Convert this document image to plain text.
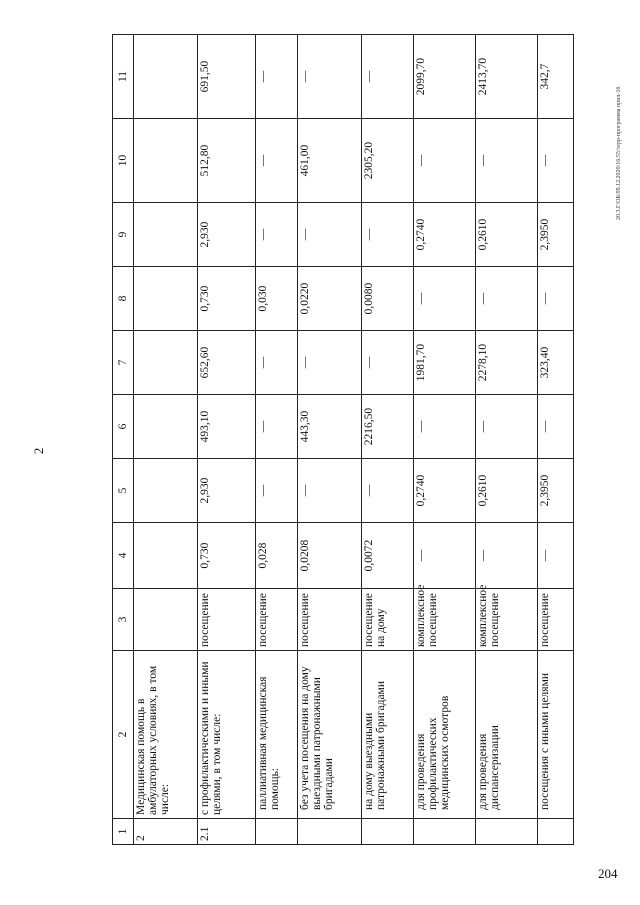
20.3.Г/ОБ/09.12.2020/16:55/терр-программа прил-16
2
204
1	2	3	4	5	6	7	8	9	10	11
2	Медицинская помощь в амбулаторных условиях, в том числе:									
2.1	с профилактическими и иными целями, в том числе:	посещение	0,730	2,930	493,10	652,60	0,730	2,930	512,80	691,50
	паллиативная медицинская помощь:	посещение	0,028	—	—	—	0,030	—	—	—
	без учета посещения на дому выездными патронажными бригадами	посещение	0,0208	—	443,30	—	0,0220	—	461,00	—
	на дому выездными патронажными бригадами	посещение на дому	0,0072	—	2216,50	—	0,0080	—	2305,20	—
	для проведения профилактических медицинских осмотров	комплексное посещение	—	0,2740	—	1981,70	—	0,2740	—	2099,70
	для проведения диспансеризации	комплексное посещение	—	0,2610	—	2278,10	—	0,2610	—	2413,70
	посещения с иными целями	посещение	—	2,3950	—	323,40	—	2,3950	—	342,7
